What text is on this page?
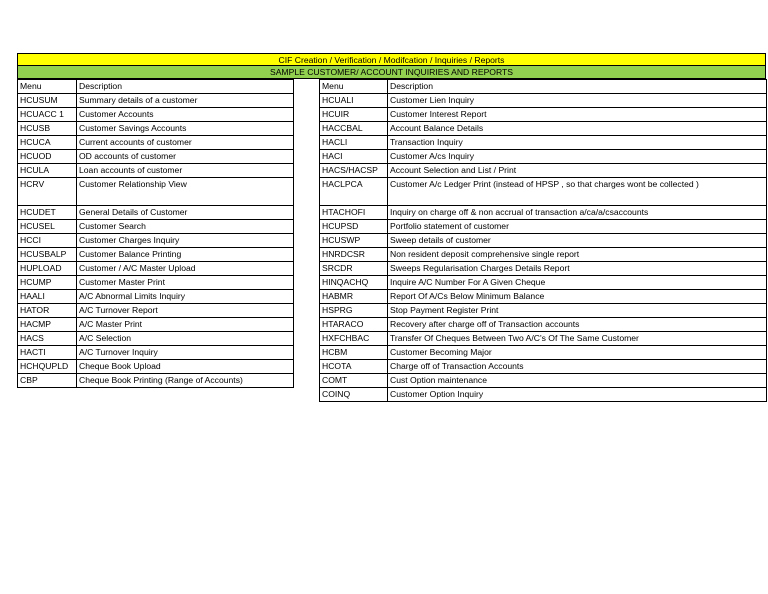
CIF Creation / Verification / Modifcation / Inquiries / Reports
SAMPLE CUSTOMER/ ACCOUNT INQUIRIES AND REPORTS
Menu	Description
HCUSUM	Summary details of a customer
HCUACC 1	Customer Accounts
HCUSB	Customer Savings Accounts
HCUCA	Current accounts of customer
HCUOD	OD accounts of customer
HCULA	Loan accounts of customer
HCRV	Customer Relationship View
HCUDET	General Details of Customer
HCUSEL	Customer Search
HCCI	Customer Charges Inquiry
HCUSBALP	Customer Balance Printing
HUPLOAD	Customer / A/C Master Upload
HCUMP	Customer Master Print
HAALI	A/C Abnormal Limits Inquiry
HATOR	A/C Turnover Report
HACMP	A/C Master Print
HACS	A/C Selection
HACTI	A/C Turnover Inquiry
HCHQUPLD	Cheque Book Upload
CBP	Cheque Book Printing (Range of Accounts)
Menu	Description
HCUALI	Customer Lien Inquiry
HCUIR	Customer Interest Report
HACCBAL	Account Balance Details
HACLI	Transaction Inquiry
HACI	Customer A/cs Inquiry
HACS/HACSP	Account Selection and List / Print
HACLPCA	Customer A/c Ledger Print (instead of HPSP , so that charges wont be collected )
HTACHOFI	Inquiry on charge off & non accrual of transaction a/ca/a/csaccounts
HCUPSD	Portfolio statement of customer
HCUSWP	Sweep details of customer
HNRDCSR	Non resident deposit comprehensive single report
SRCDR	Sweeps Regularisation Charges Details Report
HINQACHQ	Inquire A/C Number For A Given Cheque
HABMR	Report Of A/Cs Below Minimum Balance
HSPRG	Stop Payment Register Print
HTARACO	Recovery after charge off of Transaction accounts
HXFCHBAC	Transfer Of Cheques Between Two A/C's Of The Same Customer
HCBM	Customer Becoming Major
HCOTA	Charge off of Transaction Accounts
COMT	Cust Option maintenance
COINQ	Customer Option Inquiry
